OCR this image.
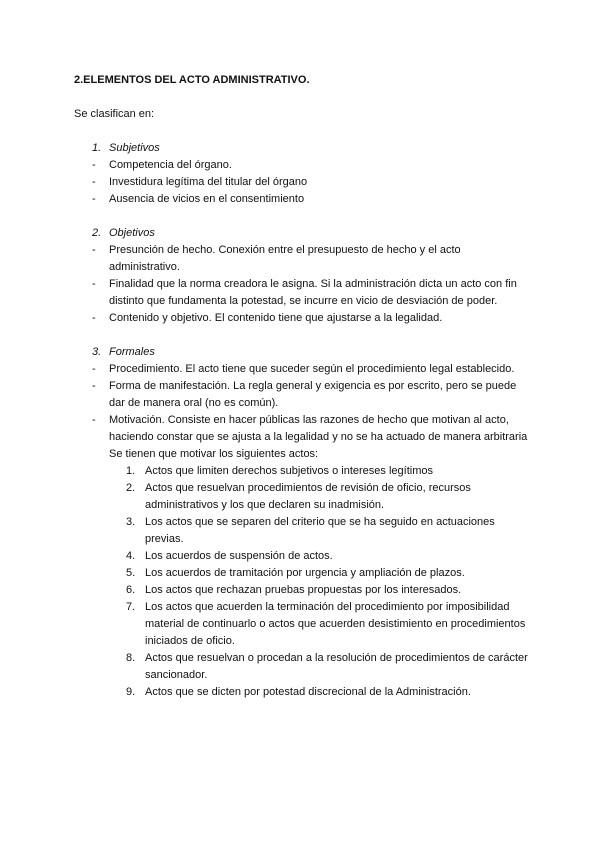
2.ELEMENTOS DEL ACTO ADMINISTRATIVO.
Se clasifican en:
1. Subjetivos
- Competencia del órgano.
- Investidura legítima del titular del órgano
- Ausencia de vicios en el consentimiento
2. Objetivos
- Presunción de hecho. Conexión entre el presupuesto de hecho y el acto administrativo.
- Finalidad que la norma creadora le asigna. Si la administración dicta un acto con fin distinto que fundamenta la potestad, se incurre en vicio de desviación de poder.
- Contenido y objetivo. El contenido tiene que ajustarse a la legalidad.
3. Formales
- Procedimiento. El acto tiene que suceder según el procedimiento legal establecido.
- Forma de manifestación. La regla general y exigencia es por escrito, pero se puede dar de manera oral (no es común).
- Motivación. Consiste en hacer públicas las razones de hecho que motivan al acto, haciendo constar que se ajusta a la legalidad y no se ha actuado de manera arbitraria
Se tienen que motivar los siguientes actos:
1. Actos que limiten derechos subjetivos o intereses legítimos
2. Actos que resuelvan procedimientos de revisión de oficio, recursos administrativos y los que declaren su inadmisión.
3. Los actos que se separen del criterio que se ha seguido en actuaciones previas.
4. Los acuerdos de suspensión de actos.
5. Los acuerdos de tramitación por urgencia y ampliación de plazos.
6. Los actos que rechazan pruebas propuestas por los interesados.
7. Los actos que acuerden la terminación del procedimiento por imposibilidad material de continuarlo o actos que acuerden desistimiento en procedimientos iniciados de oficio.
8. Actos que resuelvan o procedan a la resolución de procedimientos de carácter sancionador.
9. Actos que se dicten por potestad discrecional de la Administración.
